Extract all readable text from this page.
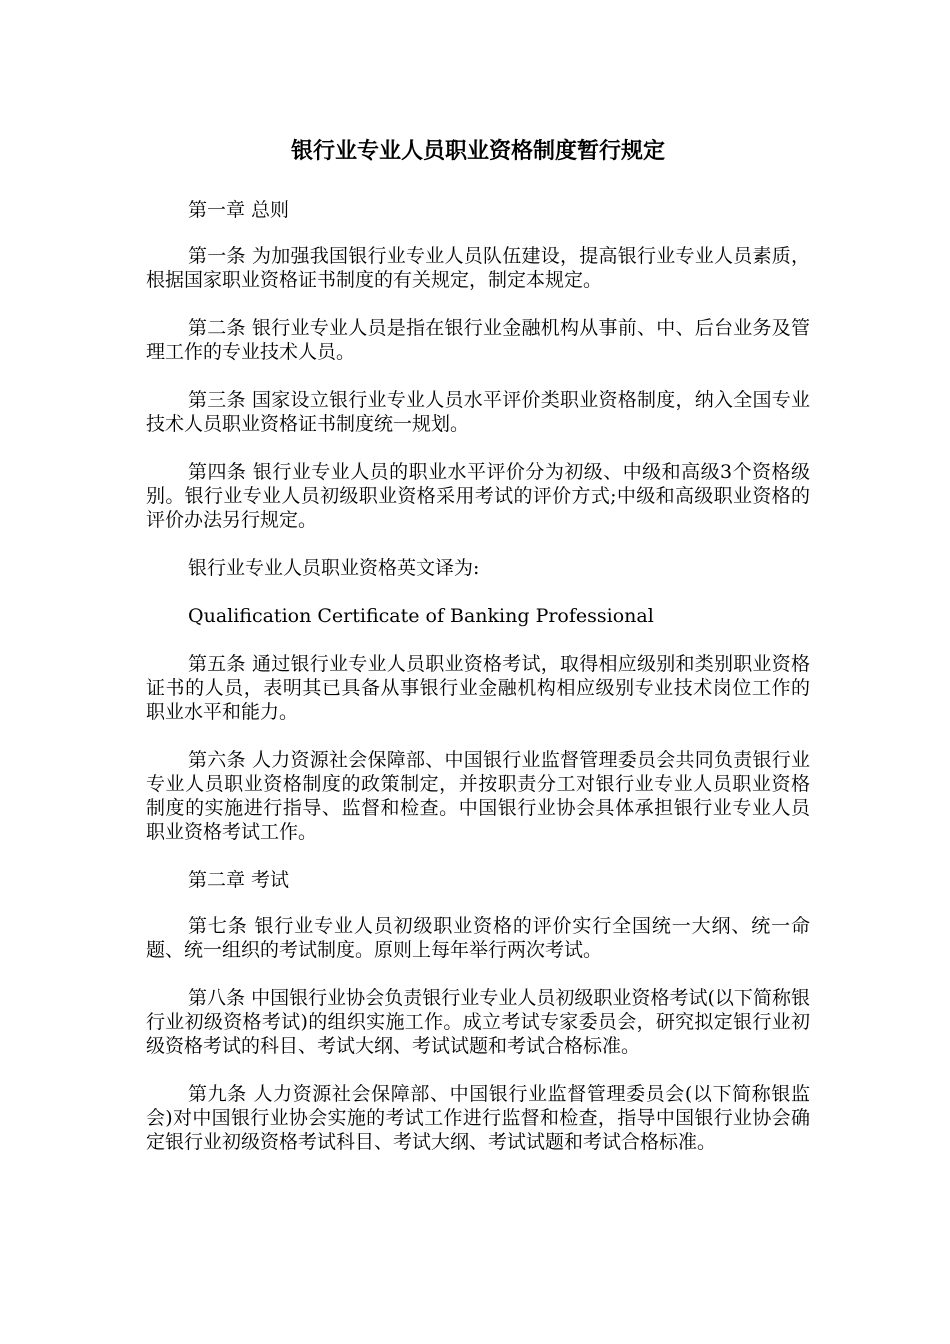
银行业专业人员职业资格制度暂行规定

第一章 总则

第一条 为加强我国银行业专业人员队伍建设，提高银行业专业人员素质，根据国家职业资格证书制度的有关规定，制定本规定。

第二条 银行业专业人员是指在银行业金融机构从事前、中、后台业务及管理工作的专业技术人员。

第三条 国家设立银行业专业人员水平评价类职业资格制度，纳入全国专业技术人员职业资格证书制度统一规划。

第四条 银行业专业人员的职业水平评价分为初级、中级和高级3个资格级别。银行业专业人员初级职业资格采用考试的评价方式;中级和高级职业资格的评价办法另行规定。

银行业专业人员职业资格英文译为:

Qualification Certificate of Banking Professional

第五条 通过银行业专业人员职业资格考试，取得相应级别和类别职业资格证书的人员，表明其已具备从事银行业金融机构相应级别专业技术岗位工作的职业水平和能力。

第六条 人力资源社会保障部、中国银行业监督管理委员会共同负责银行业专业人员职业资格制度的政策制定，并按职责分工对银行业专业人员职业资格制度的实施进行指导、监督和检查。中国银行业协会具体承担银行业专业人员职业资格考试工作。

第二章 考试

第七条 银行业专业人员初级职业资格的评价实行全国统一大纲、统一命题、统一组织的考试制度。原则上每年举行两次考试。

第八条 中国银行业协会负责银行业专业人员初级职业资格考试(以下简称银行业初级资格考试)的组织实施工作。成立考试专家委员会，研究拟定银行业初级资格考试的科目、考试大纲、考试试题和考试合格标准。

第九条 人力资源社会保障部、中国银行业监督管理委员会(以下简称银监会)对中国银行业协会实施的考试工作进行监督和检查，指导中国银行业协会确定银行业初级资格考试科目、考试大纲、考试试题和考试合格标准。
